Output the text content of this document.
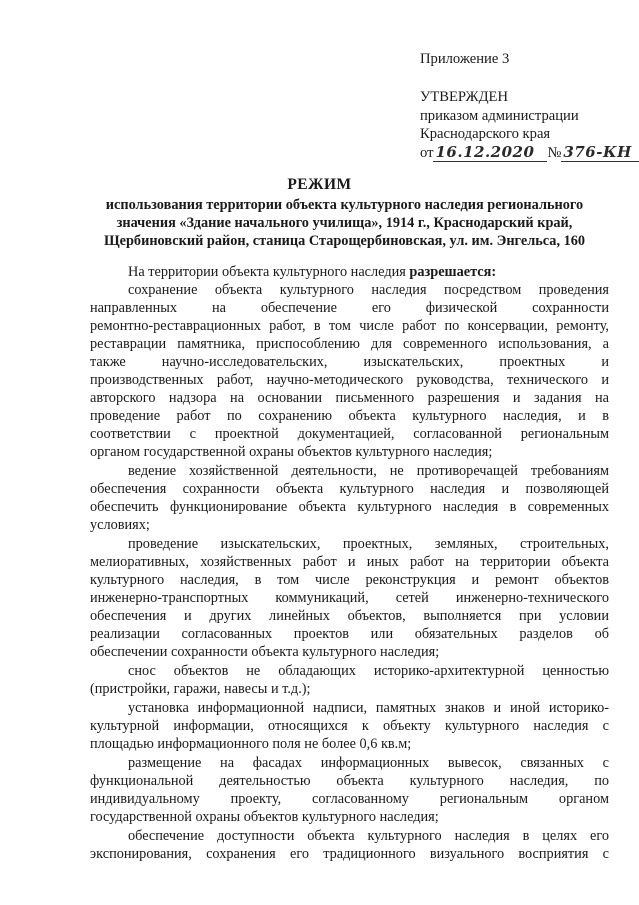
Приложение 3
УТВЕРЖДЕН
приказом администрации
Краснодарского края
от 16.12.2020 № 376-КН
РЕЖИМ
использования территории объекта культурного наследия регионального
значения «Здание начального училища», 1914 г., Краснодарский край,
Щербиновский район, станица Старощербиновская, ул. им. Энгельса, 160
На территории объекта культурного наследия разрешается:
сохранение объекта культурного наследия посредством проведения
направленных на обеспечение его физической сохранности
ремонтно-реставрационных работ, в том числе работ по консервации, ремонту,
реставрации памятника, приспособлению для современного использования, а
также научно-исследовательских, изыскательских, проектных и
производственных работ, научно-методического руководства, технического и
авторского надзора на основании письменного разрешения и задания на
проведение работ по сохранению объекта культурного наследия, и в
соответствии с проектной документацией, согласованной региональным
органом государственной охраны объектов культурного наследия;
ведение хозяйственной деятельности, не противоречащей требованиям
обеспечения сохранности объекта культурного наследия и позволяющей
обеспечить функционирование объекта культурного наследия в современных
условиях;
проведение изыскательских, проектных, земляных, строительных,
мелиоративных, хозяйственных работ и иных работ на территории объекта
культурного наследия, в том числе реконструкция и ремонт объектов
инженерно-транспортных коммуникаций, сетей инженерно-технического
обеспечения и других линейных объектов, выполняется при условии
реализации согласованных проектов или обязательных разделов об
обеспечении сохранности объекта культурного наследия;
снос объектов не обладающих историко-архитектурной ценностью
(пристройки, гаражи, навесы и т.д.);
установка информационной надписи, памятных знаков и иной историко-
культурной информации, относящихся к объекту культурного наследия с
площадью информационного поля не более 0,6 кв.м;
размещение на фасадах информационных вывесок, связанных с
функциональной деятельностью объекта культурного наследия, по
индивидуальному проекту, согласованному региональным органом
государственной охраны объектов культурного наследия;
обеспечение доступности объекта культурного наследия в целях его
экспонирования, сохранения его традиционного визуального восприятия с
